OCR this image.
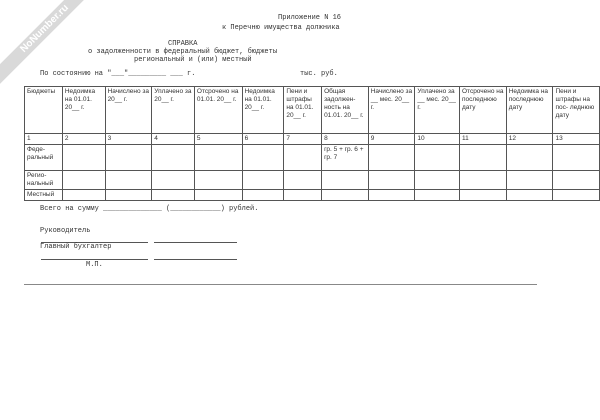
NoNumber.ru	Приложение N 16
к Перечню имущества должника
СПРАВКА
о задолженности в федеральный бюджет, бюджеты
региональный и (или) местный
По состоянию на "___"_________ ___ г.	тыс. руб.
Бюджеты	Недоимка на 01.01. 20__ г.	Начислено за 20__ г.	Уплачено за 20__ г.	Отсрочено на 01.01. 20__ г.	Недоимка на 01.01. 20__ г.	Пени и штрафы на 01.01. 20__ г.	Общая задолжен- ность на 01.01. 20__ г.	Начислено за __ мес. 20__ г.	Уплачено за __ мес. 20__ г.	Отсрочено на последнюю дату	Недоимка на последнюю дату	Пени и штрафы на пос- леднюю дату
1	2	3	4	5	6	7	8	9	10	11	12	13
Феде- ральный							гр. 5 + гр. 6 + гр. 7					
Регио- нальный												
Местный												
Всего на сумму ______________ (____________) рублей.
Руководитель
Главный бухгалтер
М.П.
